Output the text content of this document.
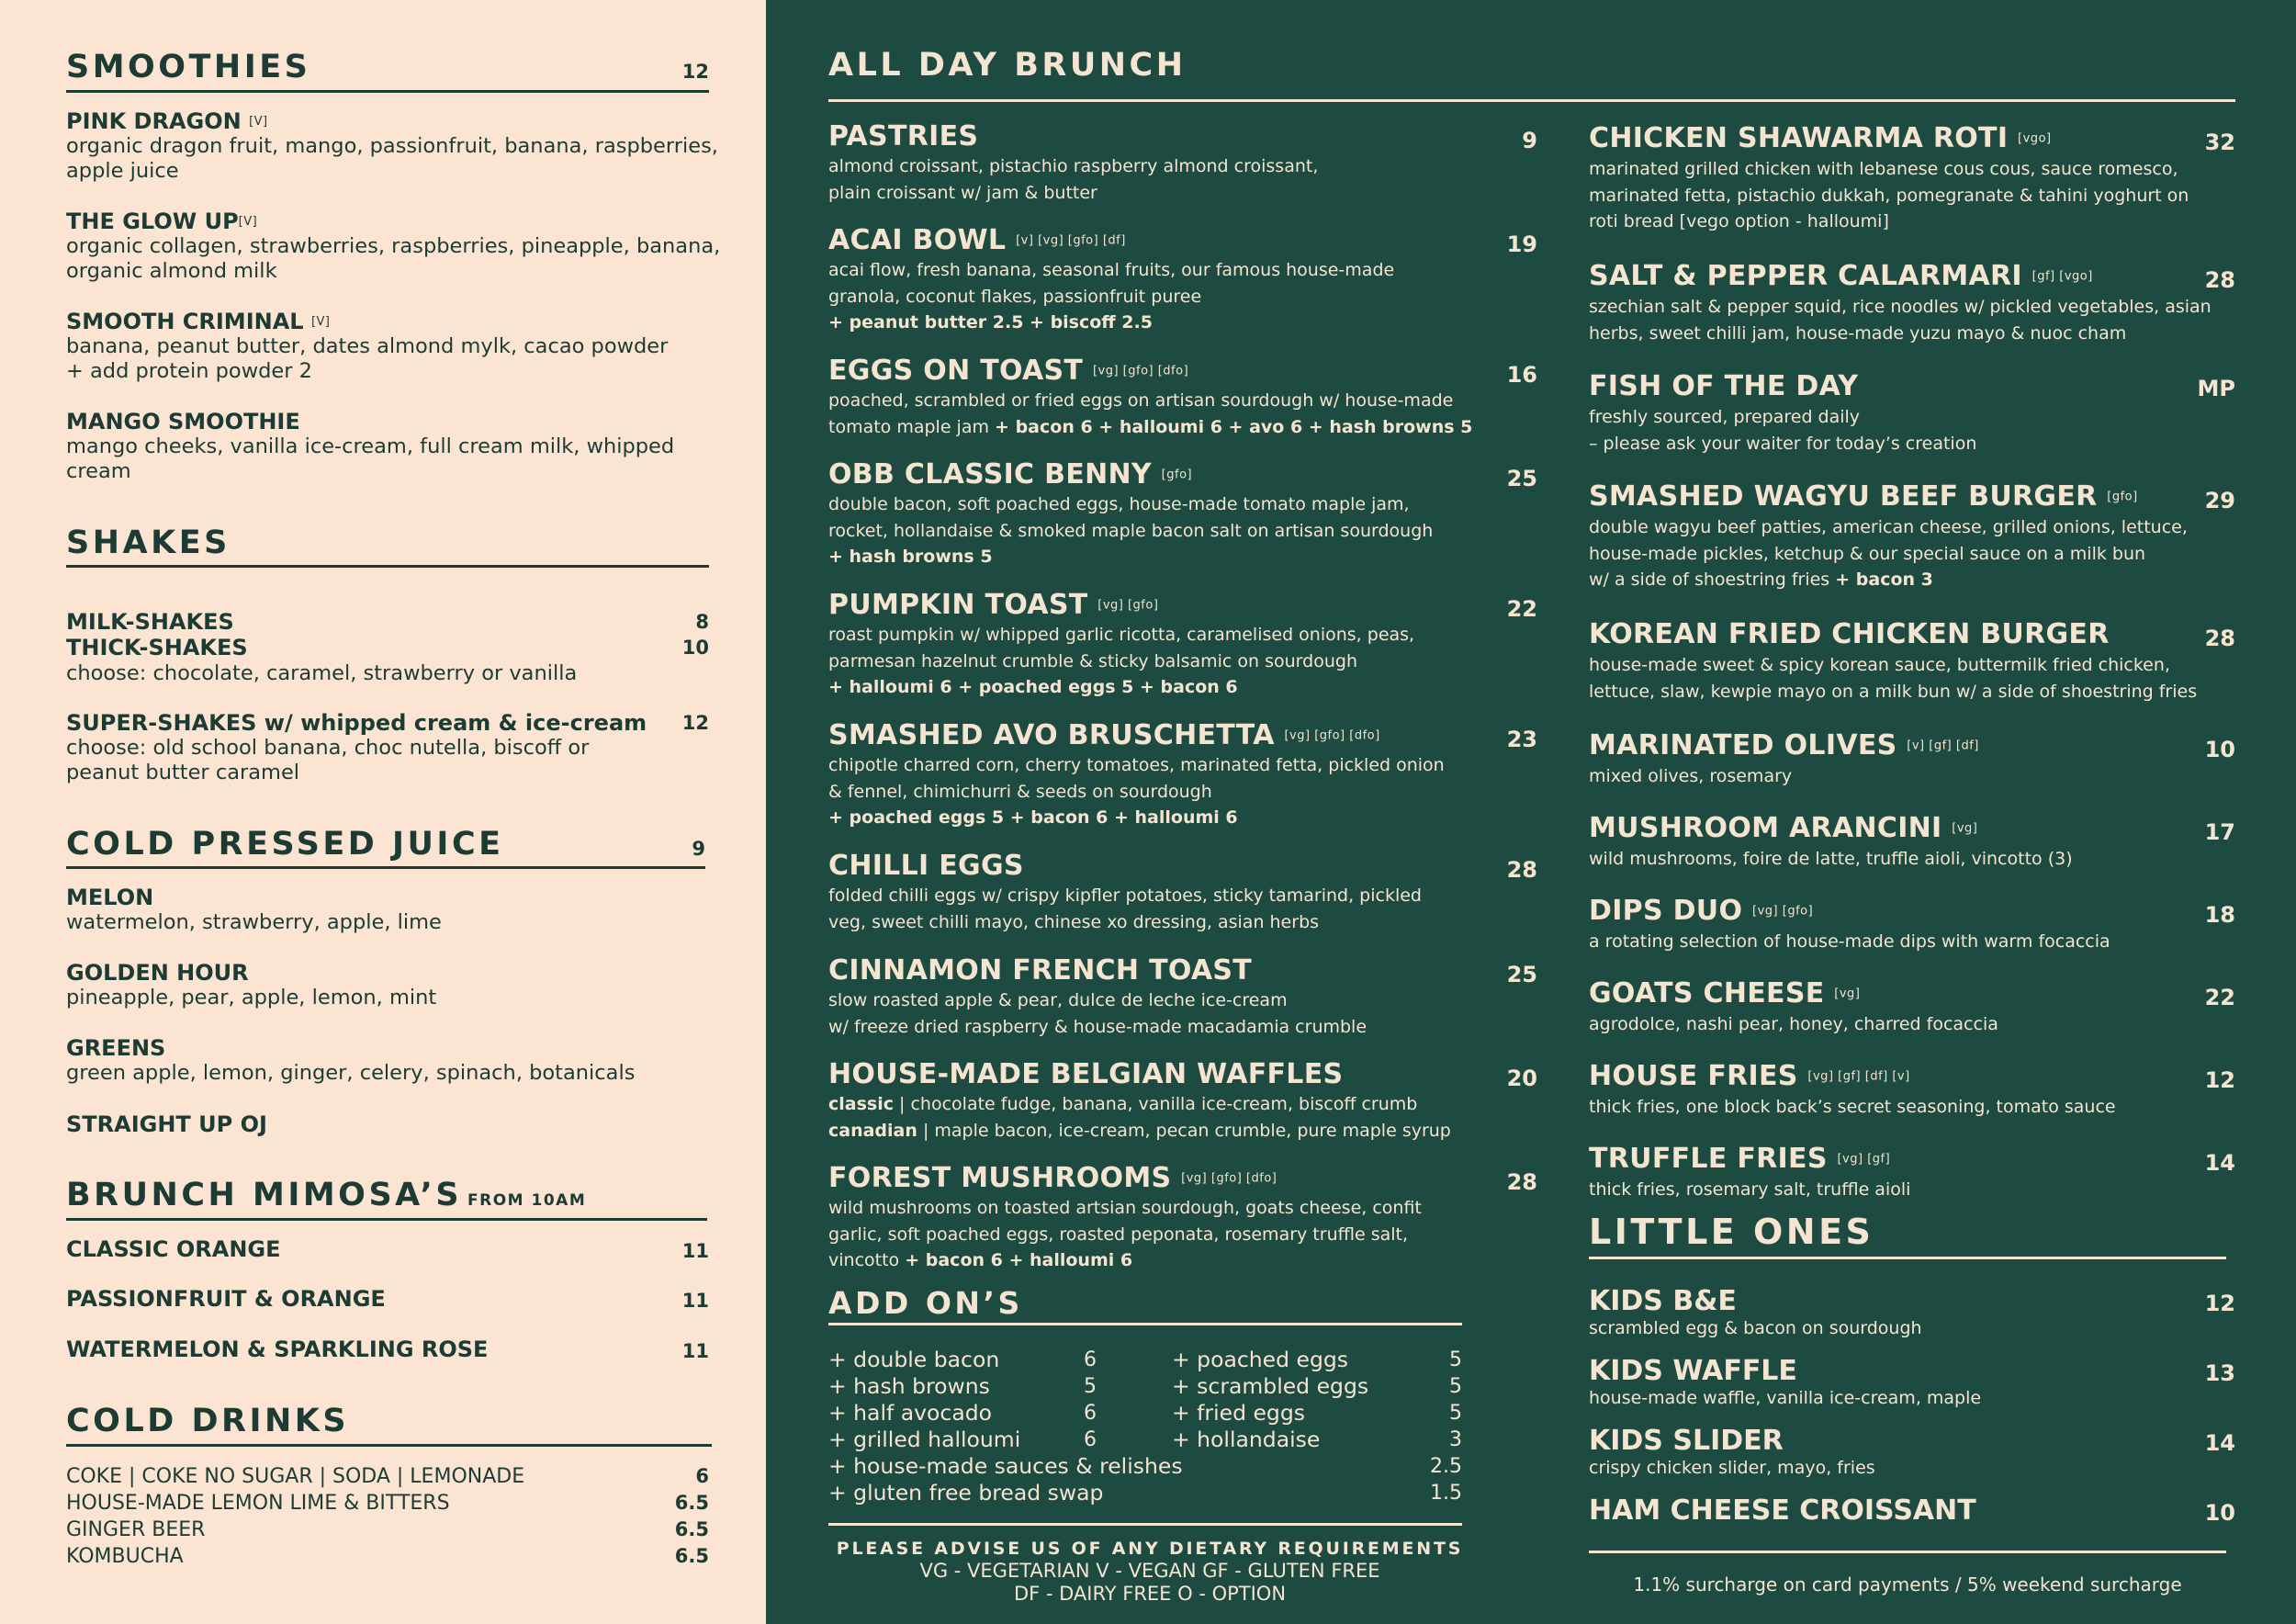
SMOOTHIES	12
PINK DRAGON [V]
organic dragon fruit, mango, passionfruit, banana, raspberries, apple juice
THE GLOW UP[V]
organic collagen, strawberries, raspberries, pineapple, banana, organic almond milk
SMOOTH CRIMINAL [V]
banana, peanut butter, dates almond mylk, cacao powder
+ add protein powder 2
MANGO SMOOTHIE
mango cheeks, vanilla ice-cream, full cream milk, whipped cream
SHAKES
MILK-SHAKES	8
THICK-SHAKES	10
choose: chocolate, caramel, strawberry or vanilla
SUPER-SHAKES w/ whipped cream & ice-cream	12
choose: old school banana, choc nutella, biscoff or peanut butter caramel
COLD PRESSED JUICE	9
MELON
watermelon, strawberry, apple, lime
GOLDEN HOUR
pineapple, pear, apple, lemon, mint
GREENS
green apple, lemon, ginger, celery, spinach, botanicals
STRAIGHT UP OJ
BRUNCH MIMOSA’S FROM 10AM
CLASSIC ORANGE	11
PASSIONFRUIT & ORANGE	11
WATERMELON & SPARKLING ROSE	11
COLD DRINKS
COKE | COKE NO SUGAR | SODA | LEMONADE	6
HOUSE-MADE LEMON LIME & BITTERS	6.5
GINGER BEER	6.5
KOMBUCHA	6.5
ALL DAY BRUNCH
PASTRIES	9
almond croissant, pistachio raspberry almond croissant,
plain croissant w/ jam & butter
ACAI BOWL [v] [vg] [gfo] [df]	19
acai flow, fresh banana, seasonal fruits, our famous house-made
granola, coconut flakes, passionfruit puree
+ peanut butter 2.5 + biscoff 2.5
EGGS ON TOAST [vg] [gfo] [dfo]	16
poached, scrambled or fried eggs on artisan sourdough w/ house-made
tomato maple jam + bacon 6 + halloumi 6 + avo 6 + hash browns 5
OBB CLASSIC BENNY [gfo]	25
double bacon, soft poached eggs, house-made tomato maple jam,
rocket, hollandaise & smoked maple bacon salt on artisan sourdough
+ hash browns 5
PUMPKIN TOAST [vg] [gfo]	22
roast pumpkin w/ whipped garlic ricotta, caramelised onions, peas,
parmesan hazelnut crumble & sticky balsamic on sourdough
+ halloumi 6 + poached eggs 5 + bacon 6
SMASHED AVO BRUSCHETTA [vg] [gfo] [dfo]	23
chipotle charred corn, cherry tomatoes, marinated fetta, pickled onion
& fennel, chimichurri & seeds on sourdough
+ poached eggs 5 + bacon 6 + halloumi 6
CHILLI EGGS	28
folded chilli eggs w/ crispy kipfler potatoes, sticky tamarind, pickled
veg, sweet chilli mayo, chinese xo dressing, asian herbs
CINNAMON FRENCH TOAST	25
slow roasted apple & pear, dulce de leche ice-cream
w/ freeze dried raspberry & house-made macadamia crumble
HOUSE-MADE BELGIAN WAFFLES	20
classic | chocolate fudge, banana, vanilla ice-cream, biscoff crumb
canadian | maple bacon, ice-cream, pecan crumble, pure maple syrup
FOREST MUSHROOMS [vg] [gfo] [dfo]	28
wild mushrooms on toasted artsian sourdough, goats cheese, confit
garlic, soft poached eggs, roasted peponata, rosemary truffle salt,
vincotto + bacon 6 + halloumi 6
ADD ON’S
+ double bacon	6
+ hash browns	5
+ half avocado	6
+ grilled halloumi	6
+ poached eggs	5
+ scrambled eggs	5
+ fried eggs	5
+ hollandaise	3
+ house-made sauces & relishes	2.5
+ gluten free bread swap	1.5
PLEASE ADVISE US OF ANY DIETARY REQUIREMENTS
VG - VEGETARIAN V - VEGAN GF - GLUTEN FREE
DF - DAIRY FREE O - OPTION
CHICKEN SHAWARMA ROTI [vgo]	32
marinated grilled chicken with lebanese cous cous, sauce romesco,
marinated fetta, pistachio dukkah, pomegranate & tahini yoghurt on
roti bread [vego option - halloumi]
SALT & PEPPER CALARMARI [gf] [vgo]	28
szechian salt & pepper squid, rice noodles w/ pickled vegetables, asian
herbs, sweet chilli jam, house-made yuzu mayo & nuoc cham
FISH OF THE DAY	MP
freshly sourced, prepared daily
– please ask your waiter for today’s creation
SMASHED WAGYU BEEF BURGER [gfo]	29
double wagyu beef patties, american cheese, grilled onions, lettuce,
house-made pickles, ketchup & our special sauce on a milk bun
w/ a side of shoestring fries + bacon 3
KOREAN FRIED CHICKEN BURGER	28
house-made sweet & spicy korean sauce, buttermilk fried chicken,
lettuce, slaw, kewpie mayo on a milk bun w/ a side of shoestring fries
MARINATED OLIVES [v] [gf] [df]	10
mixed olives, rosemary
MUSHROOM ARANCINI [vg]	17
wild mushrooms, foire de latte, truffle aioli, vincotto (3)
DIPS DUO [vg] [gfo]	18
a rotating selection of house-made dips with warm focaccia
GOATS CHEESE [vg]	22
agrodolce, nashi pear, honey, charred focaccia
HOUSE FRIES [vg] [gf] [df] [v]	12
thick fries, one block back’s secret seasoning, tomato sauce
TRUFFLE FRIES [vg] [gf]	14
thick fries, rosemary salt, truffle aioli
LITTLE ONES
KIDS B&E	12
scrambled egg & bacon on sourdough
KIDS WAFFLE	13
house-made waffle, vanilla ice-cream, maple
KIDS SLIDER	14
crispy chicken slider, mayo, fries
HAM CHEESE CROISSANT	10
1.1% surcharge on card payments / 5% weekend surcharge
